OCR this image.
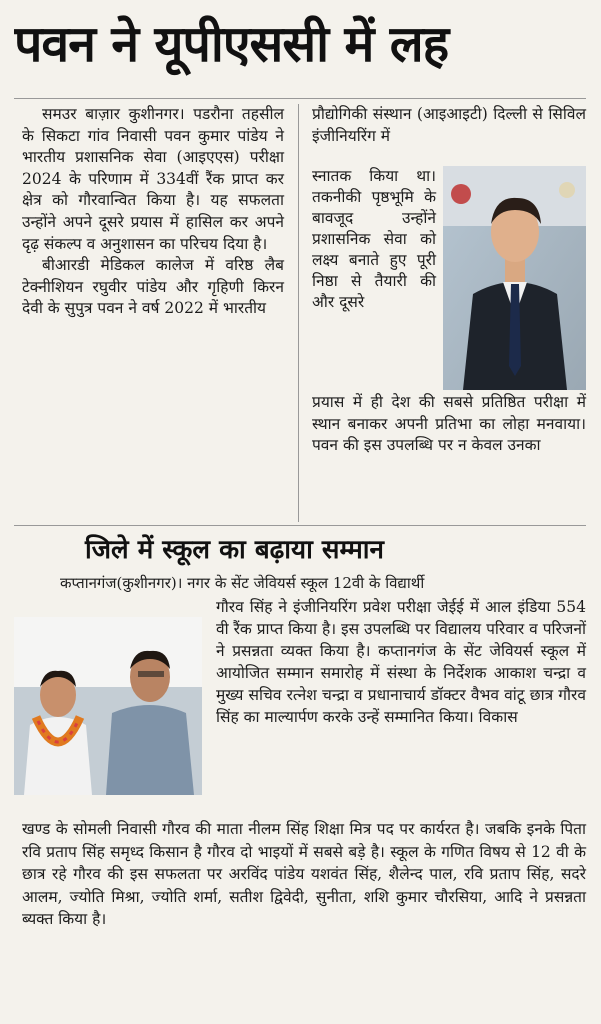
पवन ने यूपीएससी में लह

समउर बाज़ार कुशीनगर। पडरौना तहसील के सिकटा गांव निवासी पवन कुमार पांडेय ने भारतीय प्रशासनिक सेवा (आइएएस) परीक्षा 2024 के परिणाम में 334वीं रैंक प्राप्त कर क्षेत्र को गौरवान्वित किया है। यह सफलता उन्होंने अपने दूसरे प्रयास में हासिल कर अपने दृढ़ संकल्प व अनुशासन का परिचय दिया है।

बीआरडी मेडिकल कालेज में वरिष्ठ लैब टेक्नीशियन रघुवीर पांडेय और गृहिणी किरन देवी के सुपुत्र पवन ने वर्ष 2022 में भारतीय

प्रौद्योगिकी संस्थान (आइआइटी) दिल्ली से सिविल इंजीनियरिंग में
स्नातक किया था। तकनीकी पृष्ठभूमि के बावजूद उन्होंने प्रशासनिक सेवा को लक्ष्य बनाते हुए पूरी निष्ठा से तैयारी की और दूसरे
प्रयास में ही देश की सबसे प्रतिष्ठित परीक्षा में स्थान बनाकर अपनी प्रतिभा का लोहा मनवाया। पवन की इस उपलब्धि पर न केवल उनका
जिले में स्कूल का बढ़ाया सम्मान
कप्तानगंज(कुशीनगर)। नगर के सेंट जेवियर्स स्कूल 12वी के विद्यार्थी
गौरव सिंह ने इंजीनियरिंग प्रवेश परीक्षा जेईई में आल इंडिया 554 वी रैंक प्राप्त किया है। इस उपलब्धि पर विद्यालय परिवार व परिजनों ने प्रसन्नता व्यक्त किया है। कप्तानगंज के सेंट जेवियर्स स्कूल में आयोजित सम्मान समारोह में संस्था के निर्देशक आकाश चन्द्रा व मुख्य सचिव रत्नेश चन्द्रा व प्रधानाचार्य डॉक्टर वैभव वांटू छात्र गौरव सिंह का माल्यार्पण करके उन्हें सम्मानित किया। विकास
खण्ड के सोमली निवासी गौरव की माता नीलम सिंह शिक्षा मित्र पद पर कार्यरत है। जबकि इनके पिता रवि प्रताप सिंह समृध्द किसान है गौरव दो भाइयों में सबसे बड़े है। स्कूल के गणित विषय से 12 वी के छात्र रहे गौरव की इस सफलता पर अरविंद पांडेय यशवंत सिंह, शैलेन्द पाल, रवि प्रताप सिंह, सदरे आलम, ज्योति मिश्रा, ज्योति शर्मा, सतीश द्विवेदी, सुनीता, शशि कुमार चौरसिया, आदि ने प्रसन्नता ब्यक्त किया है।
